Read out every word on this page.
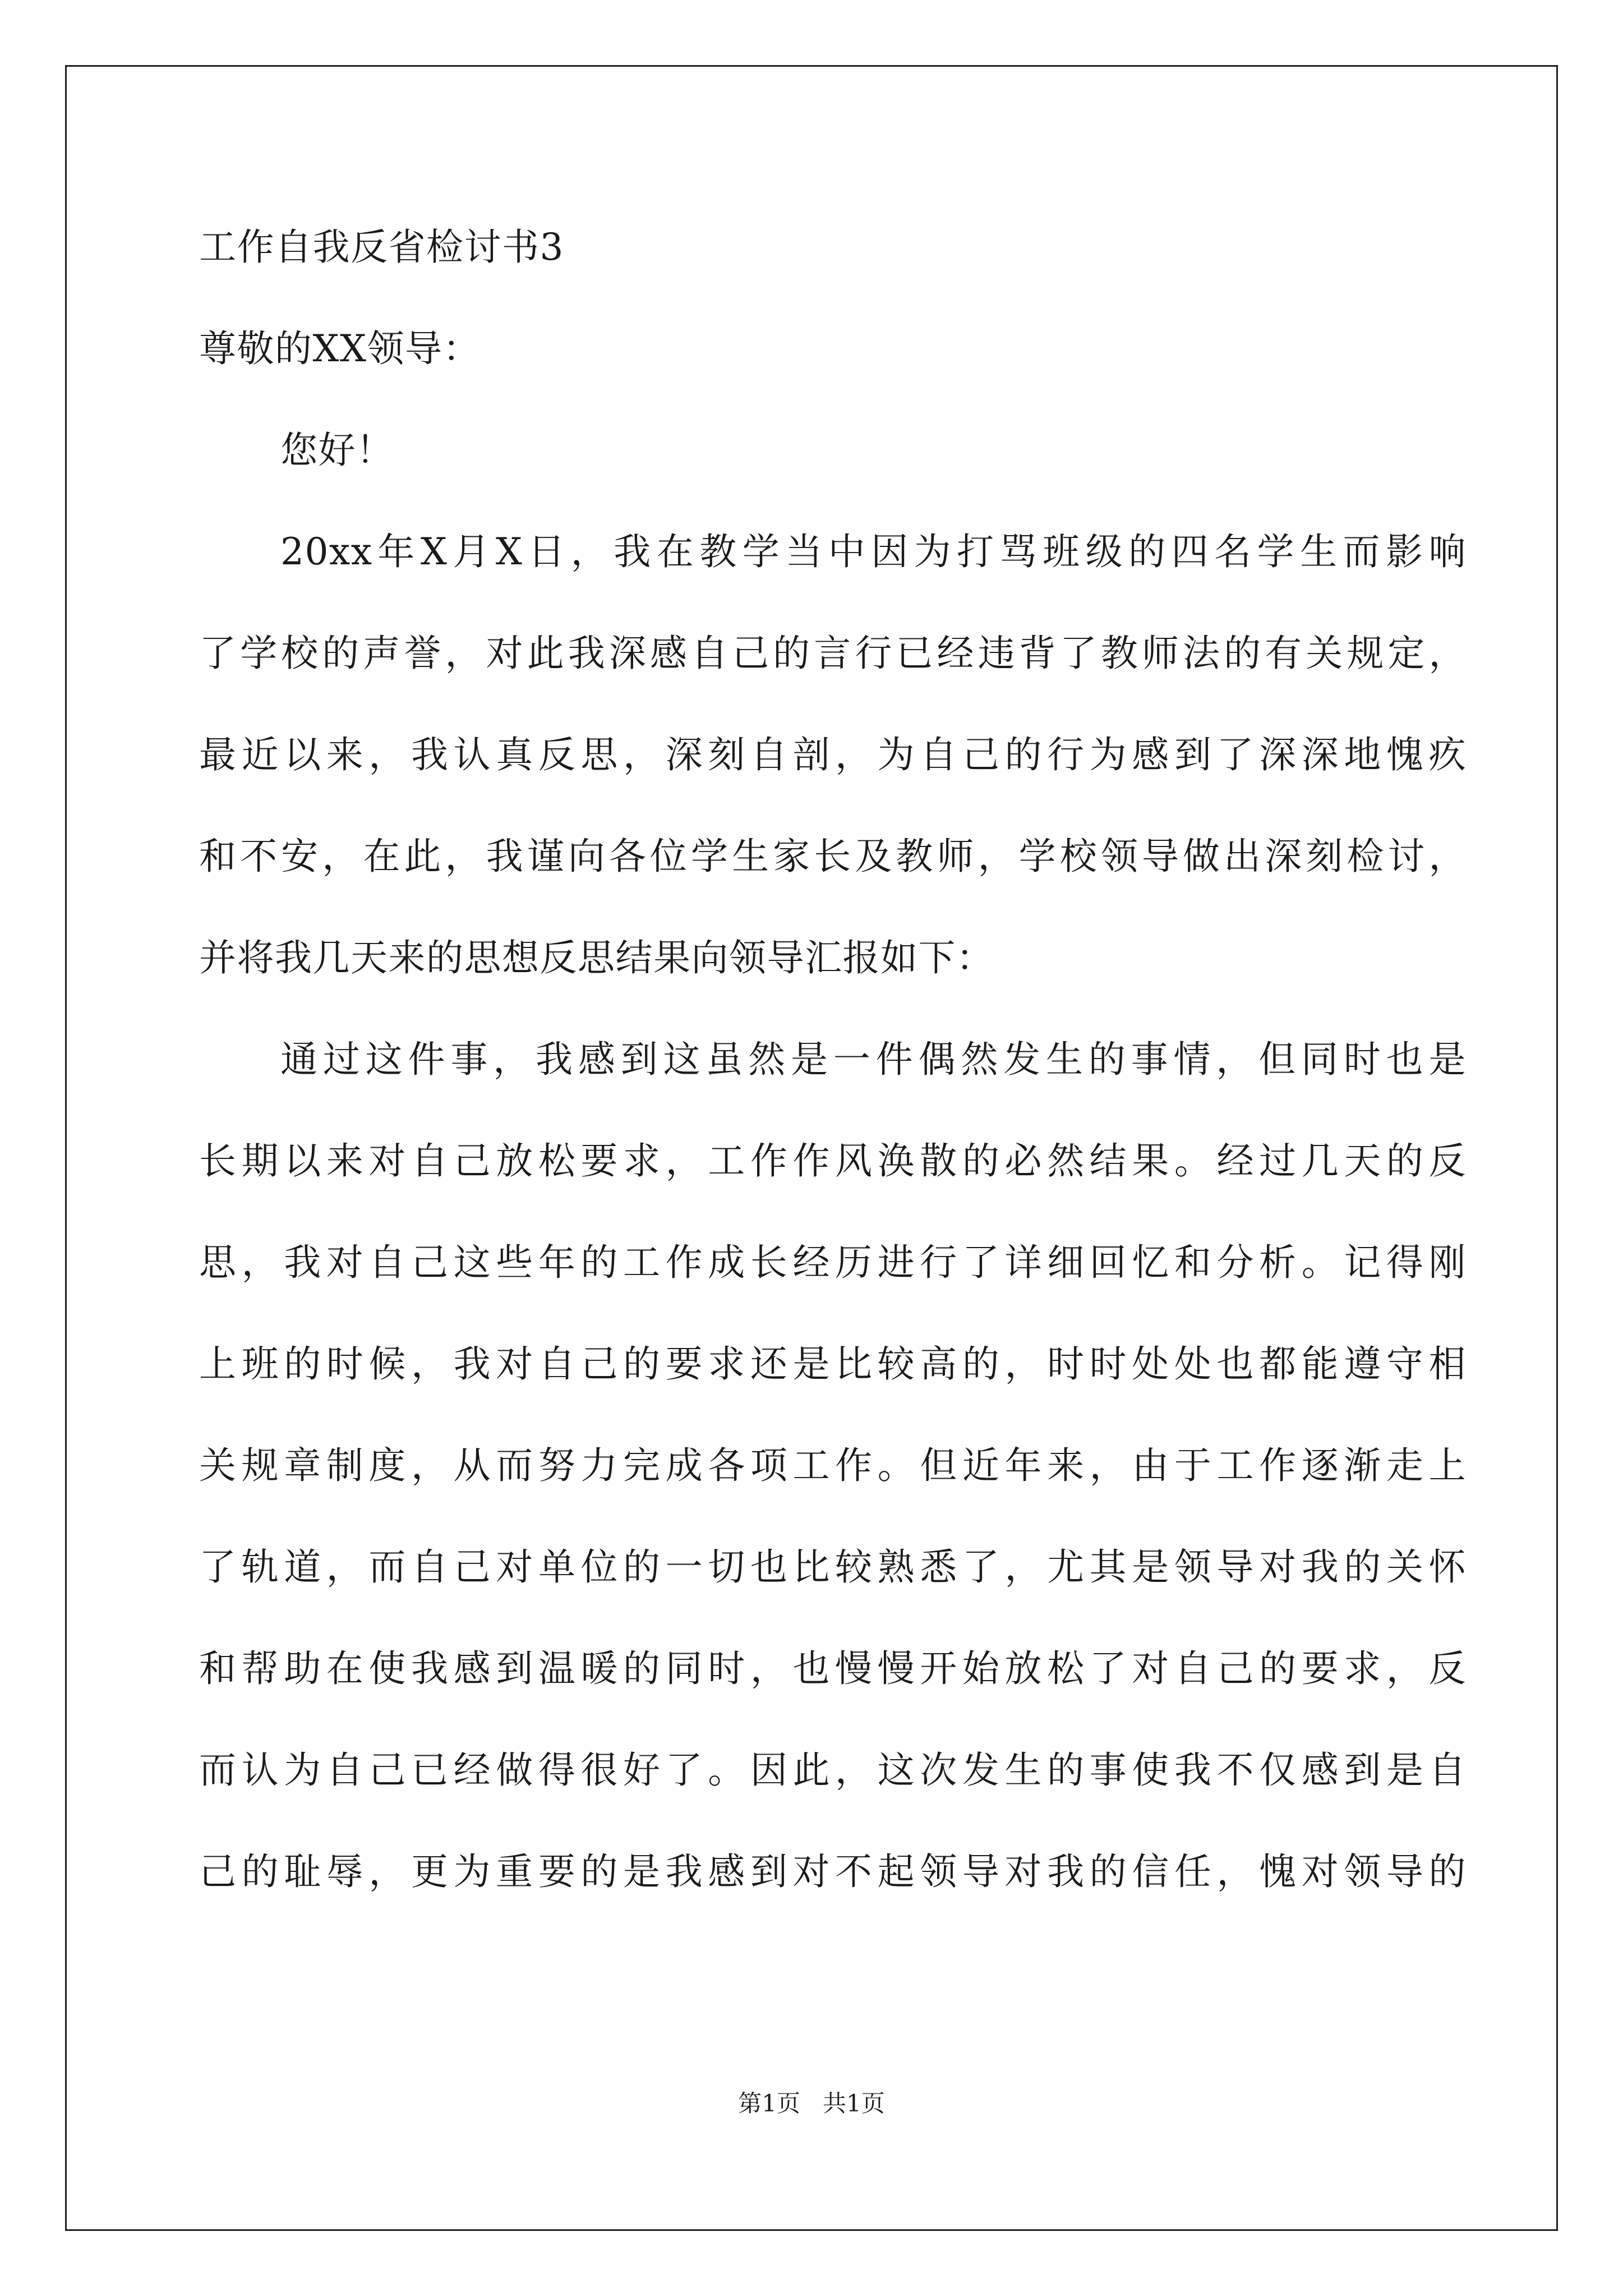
工作自我反省检讨书3
尊敬的XX领导：
您好！
20xx年X月X日，我在教学当中因为打骂班级的四名学生而影响
了学校的声誉，对此我深感自己的言行已经违背了教师法的有关规定，
最近以来，我认真反思，深刻自剖，为自己的行为感到了深深地愧疚
和不安，在此，我谨向各位学生家长及教师，学校领导做出深刻检讨，
并将我几天来的思想反思结果向领导汇报如下：
通过这件事，我感到这虽然是一件偶然发生的事情，但同时也是
长期以来对自己放松要求，工作作风涣散的必然结果。经过几天的反
思，我对自己这些年的工作成长经历进行了详细回忆和分析。记得刚
上班的时候，我对自己的要求还是比较高的，时时处处也都能遵守相
关规章制度，从而努力完成各项工作。但近年来，由于工作逐渐走上
了轨道，而自己对单位的一切也比较熟悉了，尤其是领导对我的关怀
和帮助在使我感到温暖的同时，也慢慢开始放松了对自己的要求，反
而认为自己已经做得很好了。因此，这次发生的事使我不仅感到是自
己的耻辱，更为重要的是我感到对不起领导对我的信任，愧对领导的
第1页   共1页
